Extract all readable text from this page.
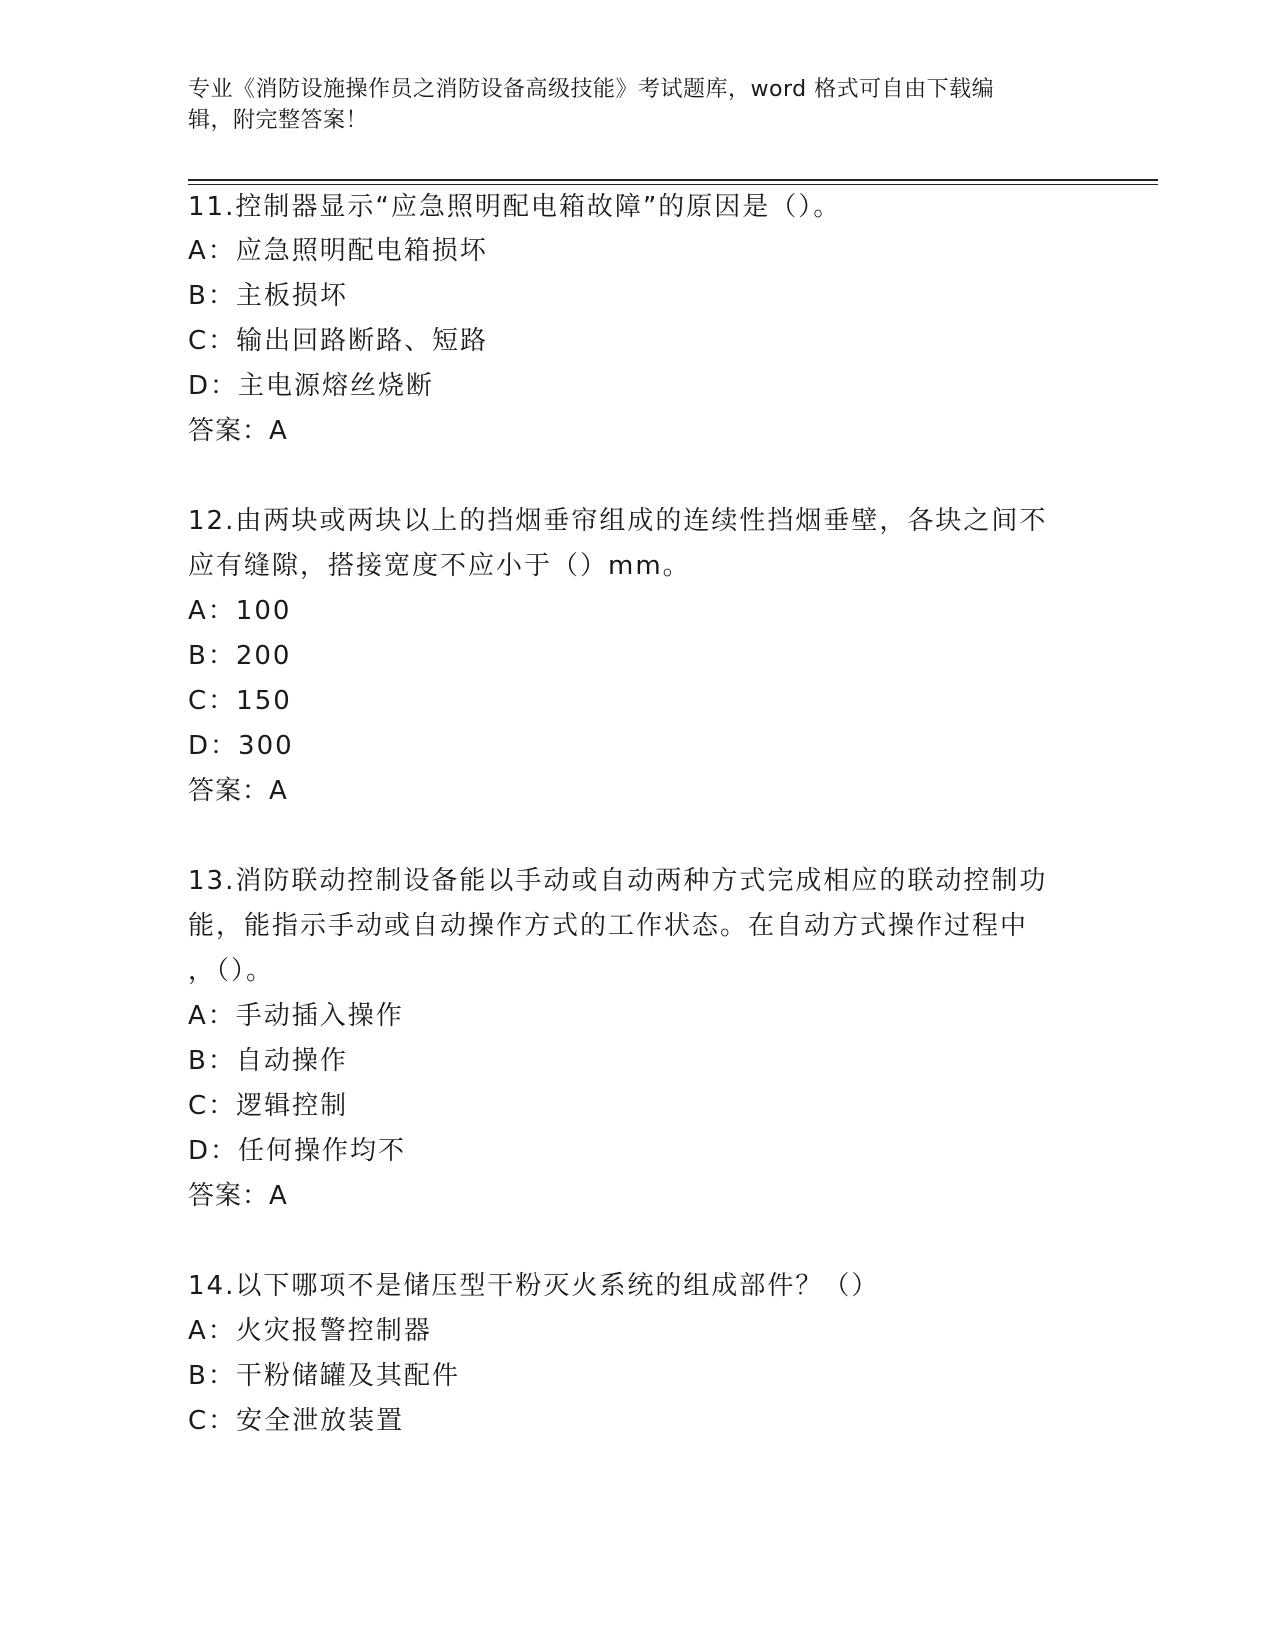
专业《消防设施操作员之消防设备高级技能》考试题库，word 格式可自由下载编
辑，附完整答案！

11.控制器显示“应急照明配电箱故障”的原因是（）。

A：应急照明配电箱损坏

B：主板损坏

C：输出回路断路、短路

D：主电源熔丝烧断

答案：A

12.由两块或两块以上的挡烟垂帘组成的连续性挡烟垂壁，各块之间不

应有缝隙，搭接宽度不应小于（）mm。

A：100

B：200

C：150

D：300

答案：A

13.消防联动控制设备能以手动或自动两种方式完成相应的联动控制功

能，能指示手动或自动操作方式的工作状态。在自动方式操作过程中

，（）。

A：手动插入操作

B：自动操作

C：逻辑控制

D：任何操作均不

答案：A

14.以下哪项不是储压型干粉灭火系统的组成部件？（）

A：火灾报警控制器

B：干粉储罐及其配件

C：安全泄放装置
